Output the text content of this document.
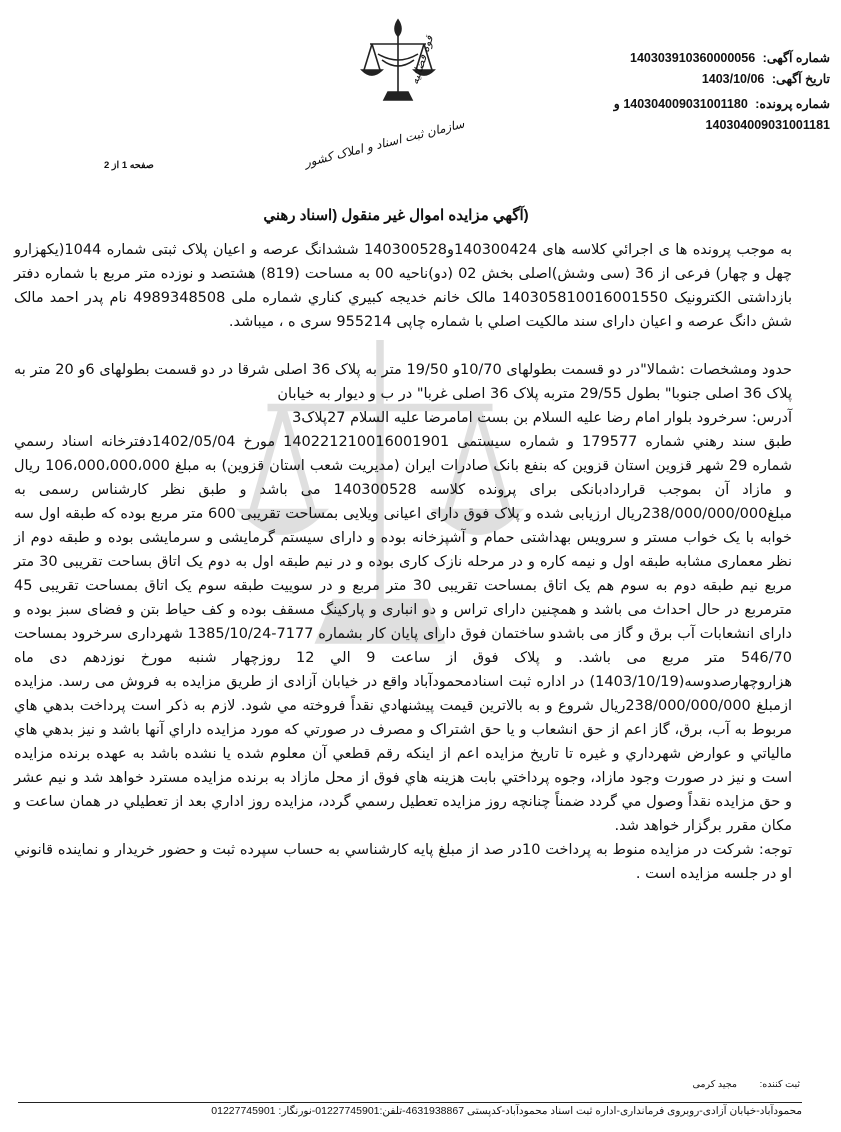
شماره آگهی: 140303910360000056
تاریخ آگهی: 1403/10/06
شماره پرونده: 140304009031001180 و
140304009031001181
قوه قضائیه
سازمان ثبت اسناد و املاک کشور
صفحه 1 از 2
(آگهي مزايده اموال غير منقول (اسناد رهني

به موجب پرونده ها ی اجرائي کلاسه های 140300424و140300528 ششدانگ عرصه و اعيان پلاک ثبتی شماره 1044(يکهزارو چهل و چهار) فرعی از 36 (سی وشش)اصلی بخش 02 (دو)ناحيه 00 به مساحت (819) هشتصد و نوزده متر مربع با شماره دفتر بازداشتی الکترونيک 140305810016001550 مالک خانم خديجه کبيري کناري شماره ملی 4989348508 نام پدر احمد مالک شش دانگ عرصه و اعيان دارای سند مالکيت اصلي با شماره چاپی 955214 سری ه ، ميباشد.

حدود ومشخصات :شمالا"در دو قسمت بطولهای 10/70و 19/50 متر به پلاک 36 اصلی شرقا در دو قسمت بطولهای 6و 20 متر به پلاک 36 اصلی جنوبا" بطول 29/55 متربه پلاک 36 اصلی غربا" در ب و ديوار به خيابان

آدرس: سرخرود بلوار امام رضا عليه السلام بن بست امامرضا عليه السلام 27پلاک3

طبق سند رهني شماره 179577 و شماره سيستمی 140221210016001901 مورخ 1402/05/04دفترخانه اسناد رسمي شماره 29 شهر قزوين استان قزوين که بنفع بانک صادرات ایران (مدیریت شعب استان قزوین) به مبلغ 106،000،000،000 ريال و مازاد آن بموجب قراردادبانکی برای پرونده کلاسه 140300528 می باشد و طبق نظر کارشناس رسمی به مبلغ238/000/000/000ريال ارزيابی شده و پلاک فوق دارای اعيانی ويلايی بمساحت تقريبی 600 متر مربع بوده که طبقه اول سه خوابه با يک خواب مستر و سرويس بهداشتی حمام و آشپزخانه بوده و دارای سيستم گرمايشی و سرمايشی بوده و طبقه دوم از نظر معماری مشابه طبقه اول و نيمه کاره و در مرحله نازک کاری بوده و در نيم طبقه اول به دوم يک اتاق بساحت تقريبی 30 متر مربع نيم طبقه دوم به سوم هم يک اتاق بمساحت تقريبی 30 متر مربع و در سوييت طبقه سوم يک اتاق بمساحت تقريبی 45 مترمربع در حال احداث می باشد و همچنين دارای تراس و دو انباری و پارکينگ مسقف بوده و کف حياط بتن و فضای سبز بوده و دارای انشعابات آب برق و گاز می باشدو ساختمان فوق دارای پايان کار بشماره 7177-1385/10/24 شهرداری سرخرود بمساحت 546/70 متر مربع می باشد. و پلاک فوق از ساعت 9 الي 12 روزچهار شنبه مورخ نوزدهم دی ماه هزاروچهارصدوسه(1403/10/19) در اداره ثبت اسنادمحمودآباد واقع در خيابان آزادی از طريق مزايده به فروش می رسد. مزايده ازمبلغ 238/000/000/000ريال شروع و به بالاترين قيمت پيشنهادي نقداً فروخته مي شود. لازم به ذکر است پرداخت بدهي هاي مربوط به آب، برق، گاز اعم از حق انشعاب و يا حق اشتراک و مصرف در صورتي که مورد مزايده داراي آنها باشد و نيز بدهي هاي مالياتي و عوارض شهرداري و غيره تا تاريخ مزايده اعم از اينکه رقم قطعي آن معلوم شده يا نشده باشد به عهده برنده مزايده است و نيز در صورت وجود مازاد، وجوه پرداختي بابت هزينه هاي فوق از محل مازاد به برنده مزايده مسترد خواهد شد و نيم عشر و حق مزايده نقداً وصول مي گردد ضمناً چنانچه روز مزايده تعطيل رسمي گردد، مزايده روز اداري بعد از تعطيلي در همان ساعت و مکان مقرر برگزار خواهد شد.

توجه: شرکت در مزايده منوط به پرداخت 10در صد از مبلغ پايه کارشناسي به حساب سپرده ثبت و حضور خريدار و نماينده قانوني او در جلسه مزايده است .

ثبت کننده: مجید کرمی
محمودآباد-خیابان آزادی-روبروی فرمانداری-اداره ثبت اسناد محمودآباد-کدپستی 4631938867-تلفن:01227745901-نورنگار: 01227745901
